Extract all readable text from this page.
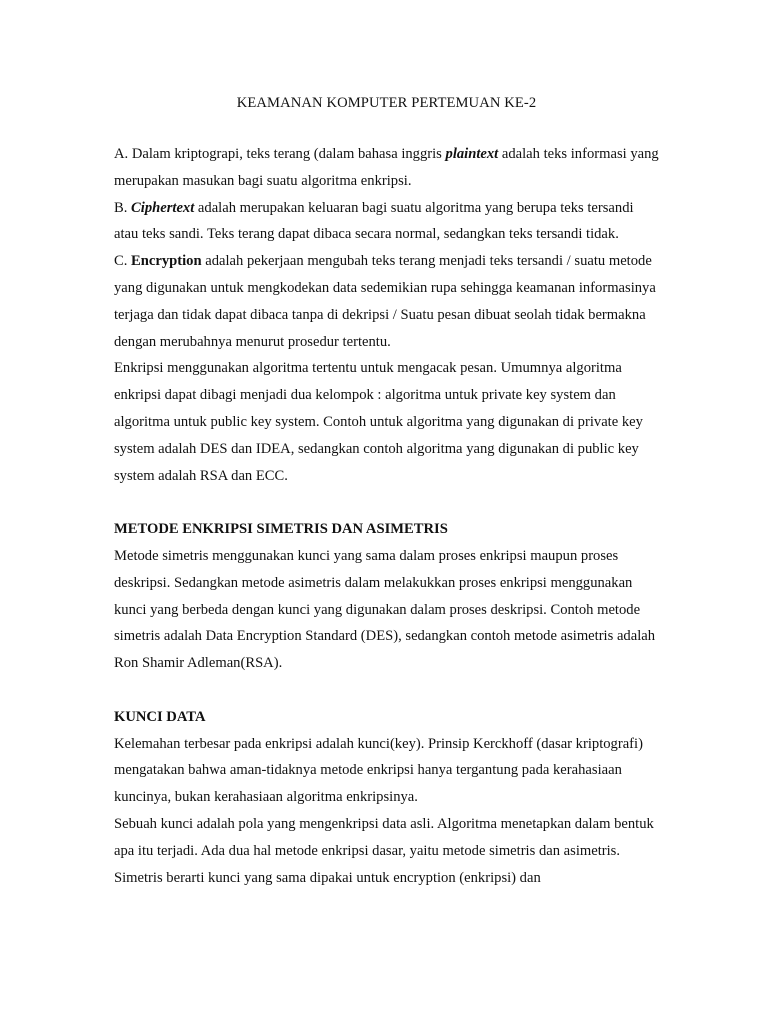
KEAMANAN KOMPUTER PERTEMUAN KE-2

A. Dalam kriptograpi, teks terang (dalam bahasa inggris plaintext adalah teks informasi yang merupakan masukan bagi suatu algoritma enkripsi.

B. Ciphertext adalah merupakan keluaran bagi suatu algoritma yang berupa teks tersandi atau teks sandi. Teks terang dapat dibaca secara normal, sedangkan teks tersandi tidak.

C. Encryption adalah pekerjaan mengubah teks terang menjadi teks tersandi / suatu metode yang digunakan untuk mengkodekan data sedemikian rupa sehingga keamanan informasinya terjaga dan tidak dapat dibaca tanpa di dekripsi / Suatu pesan dibuat seolah tidak bermakna dengan merubahnya menurut prosedur tertentu.

Enkripsi menggunakan algoritma tertentu untuk mengacak pesan. Umumnya algoritma enkripsi dapat dibagi menjadi dua kelompok : algoritma untuk private key system dan algoritma untuk public key system. Contoh untuk algoritma yang digunakan di private key system adalah DES dan IDEA, sedangkan contoh algoritma yang digunakan di public key system adalah RSA dan ECC.

METODE ENKRIPSI SIMETRIS DAN ASIMETRIS

Metode simetris menggunakan kunci yang sama dalam proses enkripsi maupun proses deskripsi. Sedangkan metode asimetris dalam melakukkan proses enkripsi menggunakan kunci yang berbeda dengan kunci yang digunakan dalam proses deskripsi. Contoh metode simetris adalah Data Encryption Standard (DES), sedangkan contoh metode asimetris adalah Ron Shamir Adleman(RSA).

KUNCI DATA

Kelemahan terbesar pada enkripsi adalah kunci(key). Prinsip Kerckhoff (dasar kriptografi) mengatakan bahwa aman-tidaknya metode enkripsi hanya tergantung pada kerahasiaan kuncinya, bukan kerahasiaan algoritma enkripsinya.

Sebuah kunci adalah pola yang mengenkripsi data asli. Algoritma menetapkan dalam bentuk apa itu terjadi. Ada dua hal metode enkripsi dasar, yaitu metode simetris dan asimetris. Simetris berarti kunci yang sama dipakai untuk encryption (enkripsi) dan
